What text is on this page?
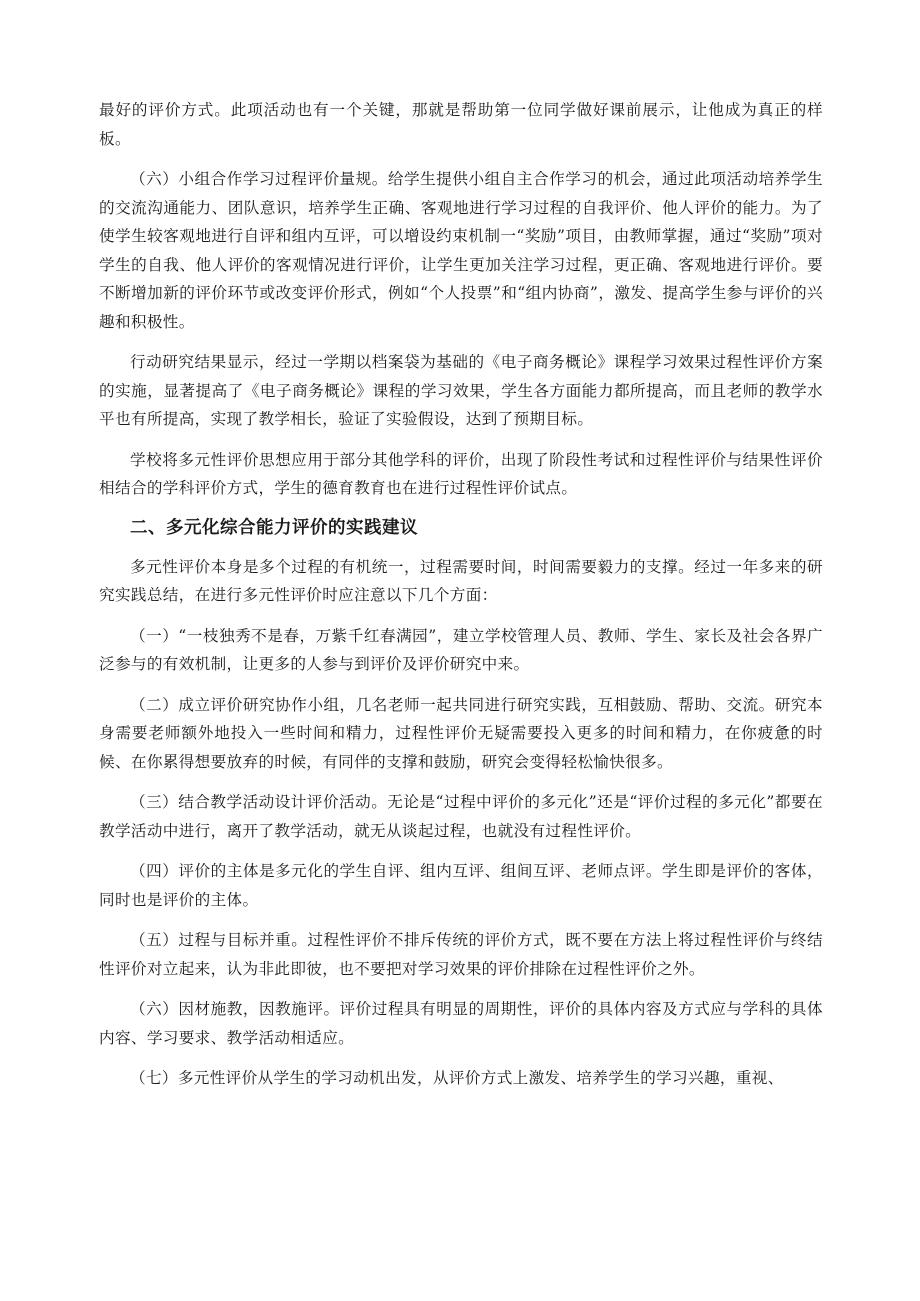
最好的评价方式。此项活动也有一个关键，那就是帮助第一位同学做好课前展示，让他成为真正的样板。

（六）小组合作学习过程评价量规。给学生提供小组自主合作学习的机会，通过此项活动培养学生的交流沟通能力、团队意识，培养学生正确、客观地进行学习过程的自我评价、他人评价的能力。为了使学生较客观地进行自评和组内互评，可以增设约束机制一“奖励”项目，由教师掌握，通过“奖励”项对学生的自我、他人评价的客观情况进行评价，让学生更加关注学习过程，更正确、客观地进行评价。要不断增加新的评价环节或改变评价形式，例如“个人投票”和“组内协商”，激发、提高学生参与评价的兴趣和积极性。

行动研究结果显示，经过一学期以档案袋为基础的《电子商务概论》课程学习效果过程性评价方案的实施，显著提高了《电子商务概论》课程的学习效果，学生各方面能力都所提高，而且老师的教学水平也有所提高，实现了教学相长，验证了实验假设，达到了预期目标。

学校将多元性评价思想应用于部分其他学科的评价，出现了阶段性考试和过程性评价与结果性评价相结合的学科评价方式，学生的德育教育也在进行过程性评价试点。

二、多元化综合能力评价的实践建议

多元性评价本身是多个过程的有机统一，过程需要时间，时间需要毅力的支撑。经过一年多来的研究实践总结，在进行多元性评价时应注意以下几个方面：

（一）“一枝独秀不是春，万紫千红春满园”，建立学校管理人员、教师、学生、家长及社会各界广泛参与的有效机制，让更多的人参与到评价及评价研究中来。

（二）成立评价研究协作小组，几名老师一起共同进行研究实践，互相鼓励、帮助、交流。研究本身需要老师额外地投入一些时间和精力，过程性评价无疑需要投入更多的时间和精力，在你疲惫的时候、在你累得想要放弃的时候，有同伴的支撑和鼓励，研究会变得轻松愉快很多。

（三）结合教学活动设计评价活动。无论是“过程中评价的多元化”还是“评价过程的多元化”都要在教学活动中进行，离开了教学活动，就无从谈起过程，也就没有过程性评价。

（四）评价的主体是多元化的学生自评、组内互评、组间互评、老师点评。学生即是评价的客体，同时也是评价的主体。

（五）过程与目标并重。过程性评价不排斥传统的评价方式，既不要在方法上将过程性评价与终结性评价对立起来，认为非此即彼，也不要把对学习效果的评价排除在过程性评价之外。

（六）因材施教，因教施评。评价过程具有明显的周期性，评价的具体内容及方式应与学科的具体内容、学习要求、教学活动相适应。

（七）多元性评价从学生的学习动机出发，从评价方式上激发、培养学生的学习兴趣，重视、
